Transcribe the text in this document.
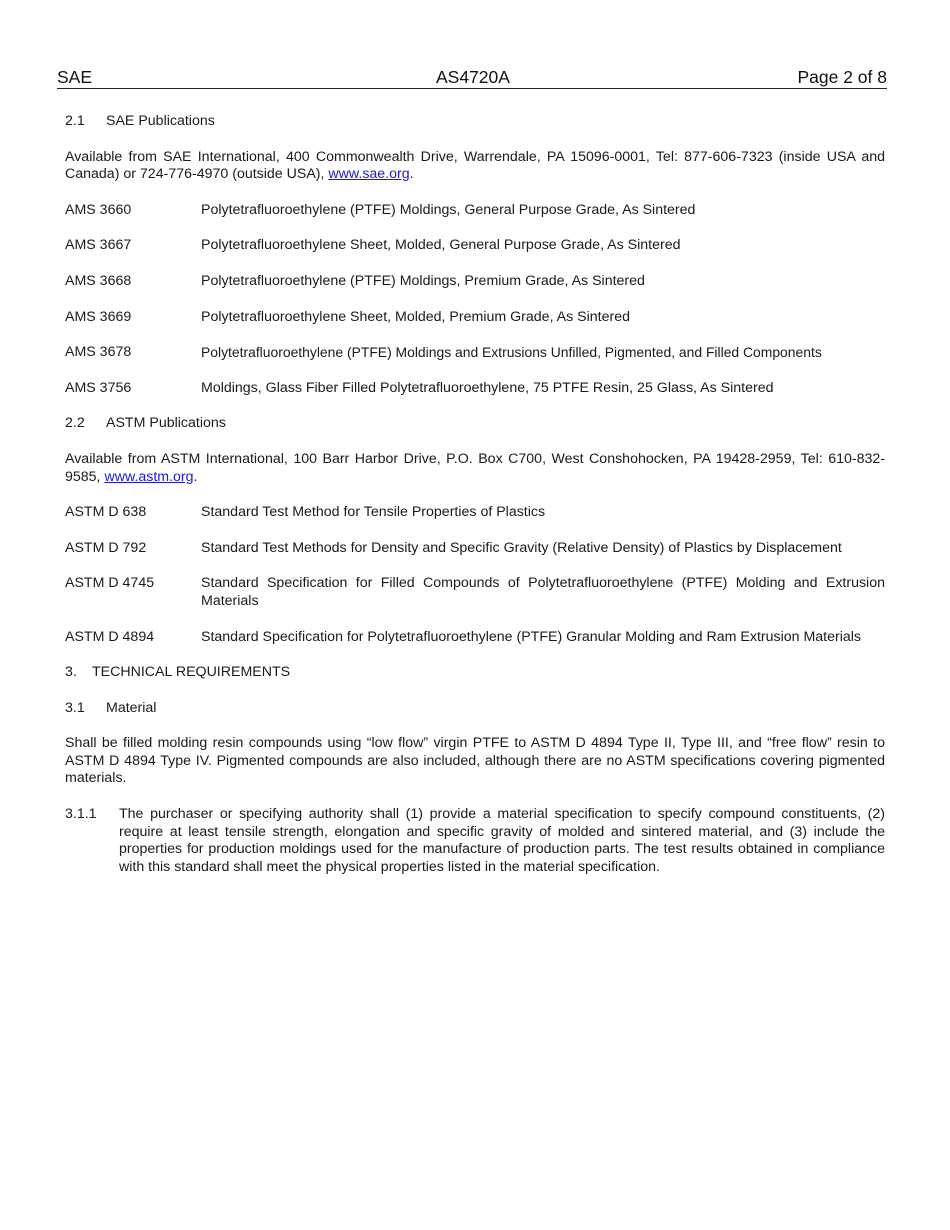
SAE	AS4720A	Page 2 of 8
2.1 SAE Publications
Available from SAE International, 400 Commonwealth Drive, Warrendale, PA 15096-0001, Tel: 877-606-7323 (inside USA and Canada) or 724-776-4970 (outside USA), www.sae.org.
AMS 3660	Polytetrafluoroethylene (PTFE) Moldings, General Purpose Grade, As Sintered
AMS 3667	Polytetrafluoroethylene Sheet, Molded, General Purpose Grade, As Sintered
AMS 3668	Polytetrafluoroethylene (PTFE) Moldings, Premium Grade, As Sintered
AMS 3669	Polytetrafluoroethylene Sheet, Molded, Premium Grade, As Sintered
AMS 3678	Polytetrafluoroethylene (PTFE) Moldings and Extrusions Unfilled, Pigmented, and Filled Components
AMS 3756	Moldings, Glass Fiber Filled Polytetrafluoroethylene, 75 PTFE Resin, 25 Glass, As Sintered
2.2 ASTM Publications
Available from ASTM International, 100 Barr Harbor Drive, P.O. Box C700, West Conshohocken, PA 19428-2959, Tel: 610-832-9585, www.astm.org.
ASTM D 638	Standard Test Method for Tensile Properties of Plastics
ASTM D 792	Standard Test Methods for Density and Specific Gravity (Relative Density) of Plastics by Displacement
ASTM D 4745	Standard Specification for Filled Compounds of Polytetrafluoroethylene (PTFE) Molding and Extrusion Materials
ASTM D 4894	Standard Specification for Polytetrafluoroethylene (PTFE) Granular Molding and Ram Extrusion Materials
3. TECHNICAL REQUIREMENTS
3.1 Material
Shall be filled molding resin compounds using “low flow” virgin PTFE to ASTM D 4894 Type II, Type III, and “free flow” resin to ASTM D 4894 Type IV. Pigmented compounds are also included, although there are no ASTM specifications covering pigmented materials.
3.1.1	The purchaser or specifying authority shall (1) provide a material specification to specify compound constituents, (2) require at least tensile strength, elongation and specific gravity of molded and sintered material, and (3) include the properties for production moldings used for the manufacture of production parts. The test results obtained in compliance with this standard shall meet the physical properties listed in the material specification.
